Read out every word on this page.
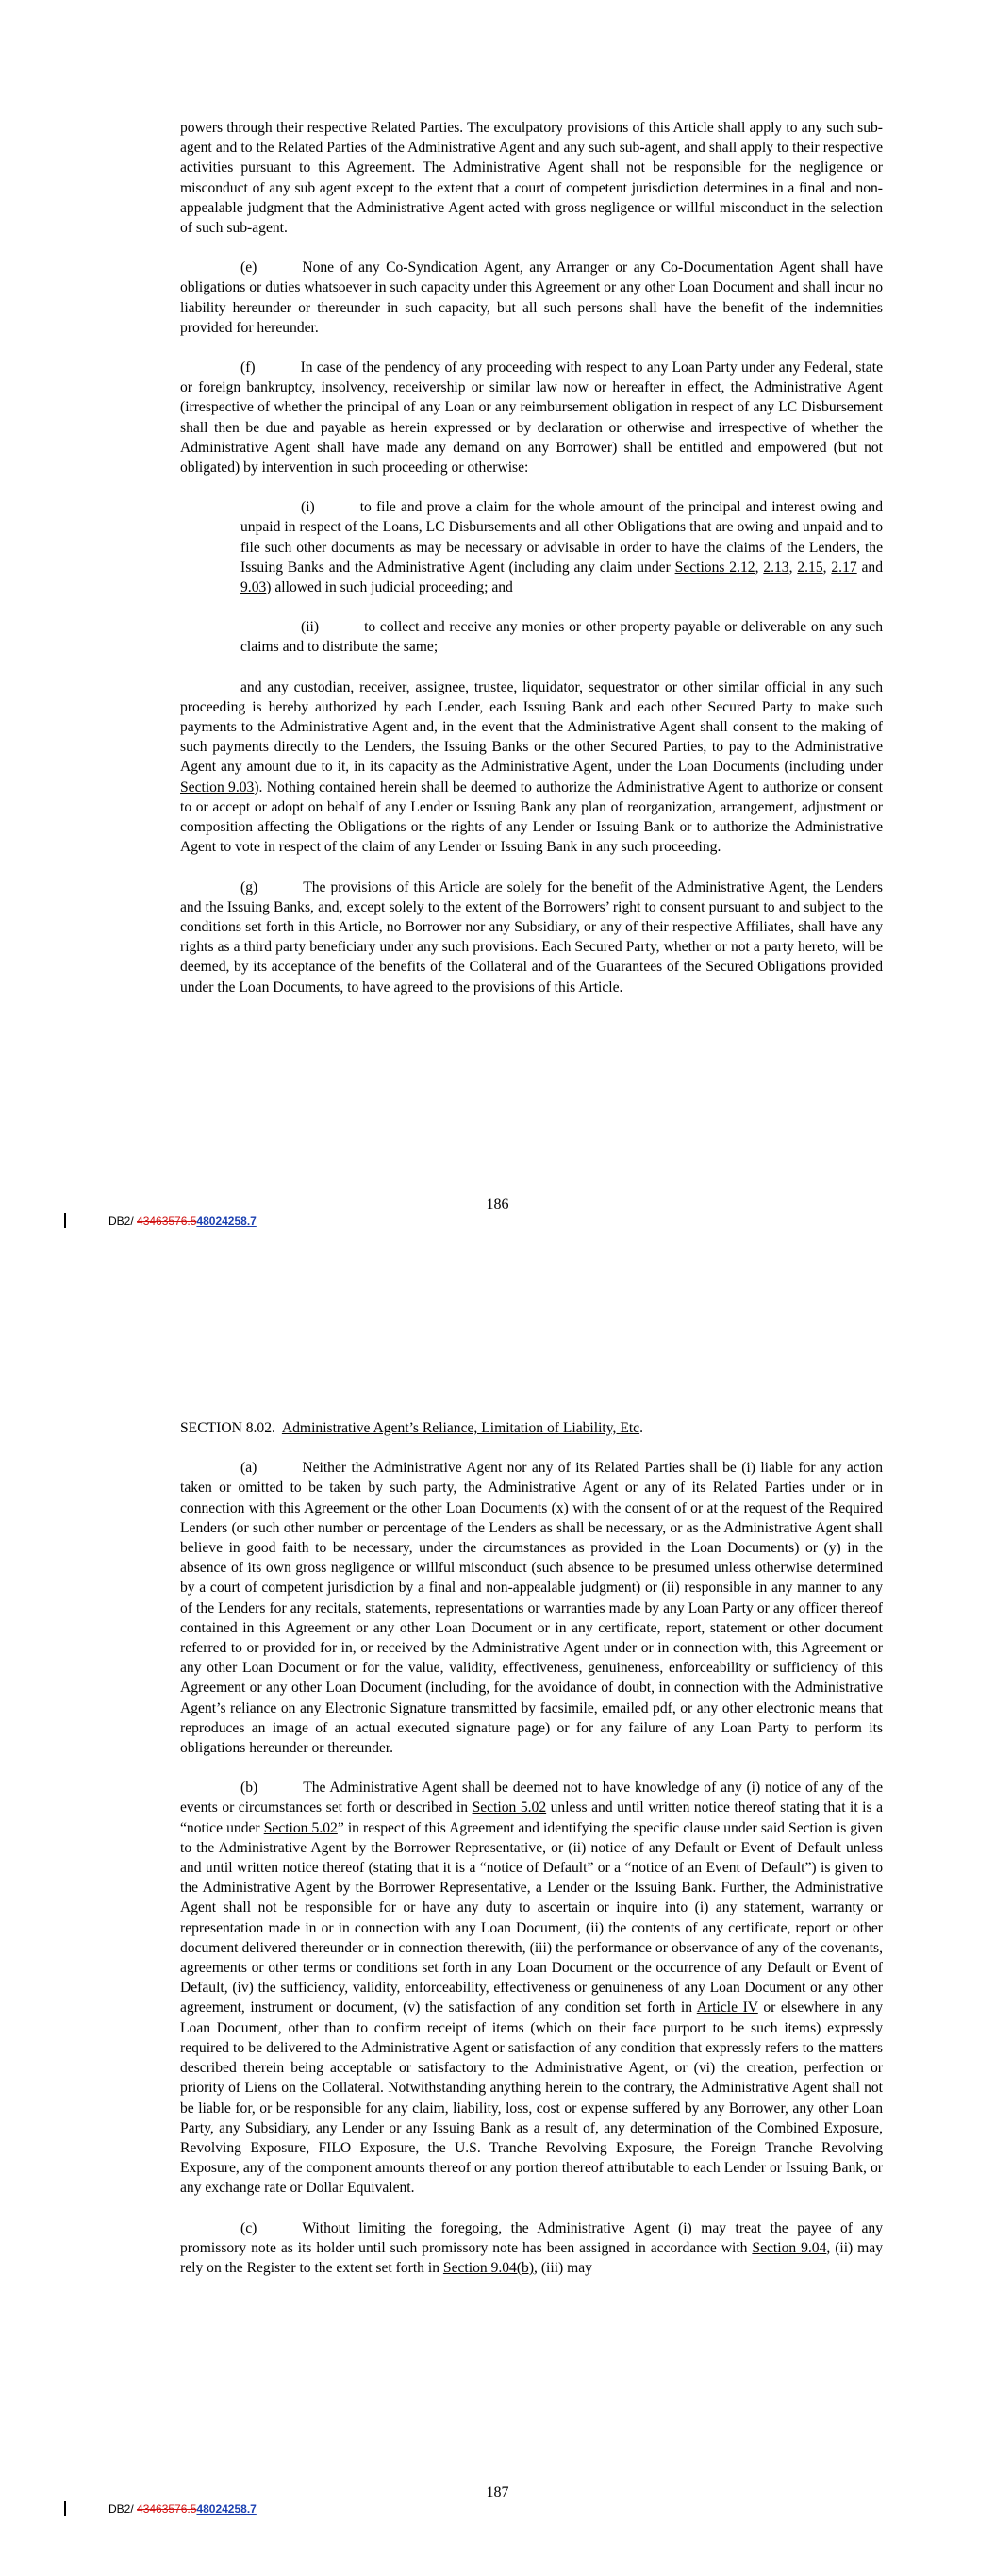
powers through their respective Related Parties. The exculpatory provisions of this Article shall apply to any such sub-agent and to the Related Parties of the Administrative Agent and any such sub-agent, and shall apply to their respective activities pursuant to this Agreement. The Administrative Agent shall not be responsible for the negligence or misconduct of any sub agent except to the extent that a court of competent jurisdiction determines in a final and non-appealable judgment that the Administrative Agent acted with gross negligence or willful misconduct in the selection of such sub-agent.

(e)	None of any Co-Syndication Agent, any Arranger or any Co-Documentation Agent shall have obligations or duties whatsoever in such capacity under this Agreement or any other Loan Document and shall incur no liability hereunder or thereunder in such capacity, but all such persons shall have the benefit of the indemnities provided for hereunder.

(f)	In case of the pendency of any proceeding with respect to any Loan Party under any Federal, state or foreign bankruptcy, insolvency, receivership or similar law now or hereafter in effect, the Administrative Agent (irrespective of whether the principal of any Loan or any reimbursement obligation in respect of any LC Disbursement shall then be due and payable as herein expressed or by declaration or otherwise and irrespective of whether the Administrative Agent shall have made any demand on any Borrower) shall be entitled and empowered (but not obligated) by intervention in such proceeding or otherwise:

(i)	to file and prove a claim for the whole amount of the principal and interest owing and unpaid in respect of the Loans, LC Disbursements and all other Obligations that are owing and unpaid and to file such other documents as may be necessary or advisable in order to have the claims of the Lenders, the Issuing Banks and the Administrative Agent (including any claim under Sections 2.12, 2.13, 2.15, 2.17 and 9.03) allowed in such judicial proceeding; and

(ii)	to collect and receive any monies or other property payable or deliverable on any such claims and to distribute the same;

and any custodian, receiver, assignee, trustee, liquidator, sequestrator or other similar official in any such proceeding is hereby authorized by each Lender, each Issuing Bank and each other Secured Party to make such payments to the Administrative Agent and, in the event that the Administrative Agent shall consent to the making of such payments directly to the Lenders, the Issuing Banks or the other Secured Parties, to pay to the Administrative Agent any amount due to it, in its capacity as the Administrative Agent, under the Loan Documents (including under Section 9.03). Nothing contained herein shall be deemed to authorize the Administrative Agent to authorize or consent to or accept or adopt on behalf of any Lender or Issuing Bank any plan of reorganization, arrangement, adjustment or composition affecting the Obligations or the rights of any Lender or Issuing Bank or to authorize the Administrative Agent to vote in respect of the claim of any Lender or Issuing Bank in any such proceeding.

(g)	The provisions of this Article are solely for the benefit of the Administrative Agent, the Lenders and the Issuing Banks, and, except solely to the extent of the Borrowers’ right to consent pursuant to and subject to the conditions set forth in this Article, no Borrower nor any Subsidiary, or any of their respective Affiliates, shall have any rights as a third party beneficiary under any such provisions. Each Secured Party, whether or not a party hereto, will be deemed, by its acceptance of the benefits of the Collateral and of the Guarantees of the Secured Obligations provided under the Loan Documents, to have agreed to the provisions of this Article.

186
DB2/ 43463576.548024258.7

SECTION 8.02. Administrative Agent’s Reliance, Limitation of Liability, Etc.

(a)	Neither the Administrative Agent nor any of its Related Parties shall be (i) liable for any action taken or omitted to be taken by such party, the Administrative Agent or any of its Related Parties under or in connection with this Agreement or the other Loan Documents (x) with the consent of or at the request of the Required Lenders (or such other number or percentage of the Lenders as shall be necessary, or as the Administrative Agent shall believe in good faith to be necessary, under the circumstances as provided in the Loan Documents) or (y) in the absence of its own gross negligence or willful misconduct (such absence to be presumed unless otherwise determined by a court of competent jurisdiction by a final and non-appealable judgment) or (ii) responsible in any manner to any of the Lenders for any recitals, statements, representations or warranties made by any Loan Party or any officer thereof contained in this Agreement or any other Loan Document or in any certificate, report, statement or other document referred to or provided for in, or received by the Administrative Agent under or in connection with, this Agreement or any other Loan Document or for the value, validity, effectiveness, genuineness, enforceability or sufficiency of this Agreement or any other Loan Document (including, for the avoidance of doubt, in connection with the Administrative Agent’s reliance on any Electronic Signature transmitted by facsimile, emailed pdf, or any other electronic means that reproduces an image of an actual executed signature page) or for any failure of any Loan Party to perform its obligations hereunder or thereunder.

(b)	The Administrative Agent shall be deemed not to have knowledge of any (i) notice of any of the events or circumstances set forth or described in Section 5.02 unless and until written notice thereof stating that it is a “notice under Section 5.02” in respect of this Agreement and identifying the specific clause under said Section is given to the Administrative Agent by the Borrower Representative, or (ii) notice of any Default or Event of Default unless and until written notice thereof (stating that it is a “notice of Default” or a “notice of an Event of Default”) is given to the Administrative Agent by the Borrower Representative, a Lender or the Issuing Bank. Further, the Administrative Agent shall not be responsible for or have any duty to ascertain or inquire into (i) any statement, warranty or representation made in or in connection with any Loan Document, (ii) the contents of any certificate, report or other document delivered thereunder or in connection therewith, (iii) the performance or observance of any of the covenants, agreements or other terms or conditions set forth in any Loan Document or the occurrence of any Default or Event of Default, (iv) the sufficiency, validity, enforceability, effectiveness or genuineness of any Loan Document or any other agreement, instrument or document, (v) the satisfaction of any condition set forth in Article IV or elsewhere in any Loan Document, other than to confirm receipt of items (which on their face purport to be such items) expressly required to be delivered to the Administrative Agent or satisfaction of any condition that expressly refers to the matters described therein being acceptable or satisfactory to the Administrative Agent, or (vi) the creation, perfection or priority of Liens on the Collateral. Notwithstanding anything herein to the contrary, the Administrative Agent shall not be liable for, or be responsible for any claim, liability, loss, cost or expense suffered by any Borrower, any other Loan Party, any Subsidiary, any Lender or any Issuing Bank as a result of, any determination of the Combined Exposure, Revolving Exposure, FILO Exposure, the U.S. Tranche Revolving Exposure, the Foreign Tranche Revolving Exposure, any of the component amounts thereof or any portion thereof attributable to each Lender or Issuing Bank, or any exchange rate or Dollar Equivalent.

(c)	Without limiting the foregoing, the Administrative Agent (i) may treat the payee of any promissory note as its holder until such promissory note has been assigned in accordance with Section 9.04, (ii) may rely on the Register to the extent set forth in Section 9.04(b), (iii) may

187
DB2/ 43463576.548024258.7
